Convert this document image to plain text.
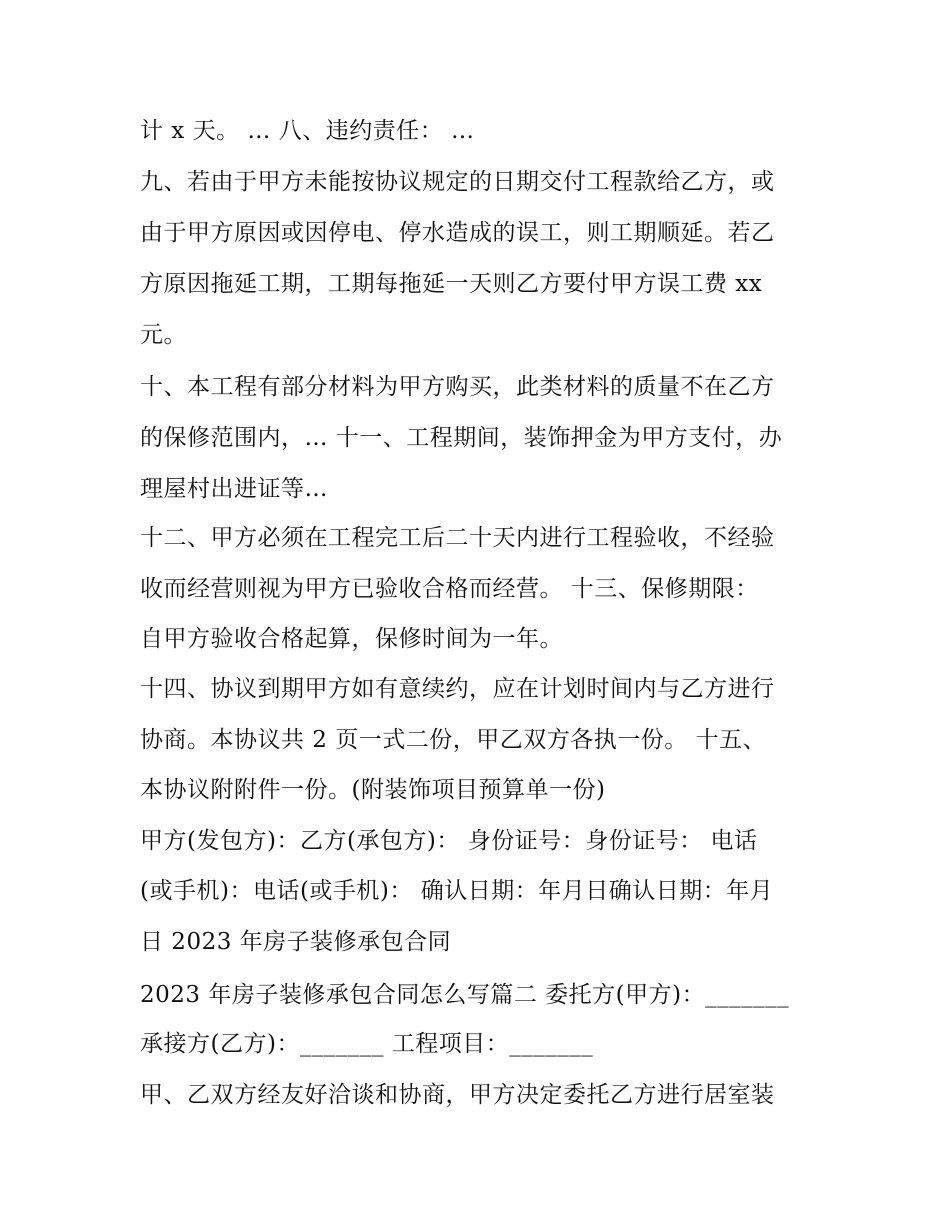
计 x 天。 … 八、违约责任： …
九、若由于甲方未能按协议规定的日期交付工程款给乙方，或
由于甲方原因或因停电、停水造成的误工，则工期顺延。若乙
方原因拖延工期，工期每拖延一天则乙方要付甲方误工费 xx
元。
十、本工程有部分材料为甲方购买，此类材料的质量不在乙方
的保修范围内，… 十一、工程期间，装饰押金为甲方支付，办
理屋村出进证等…
十二、甲方必须在工程完工后二十天内进行工程验收，不经验
收而经营则视为甲方已验收合格而经营。 十三、保修期限：
自甲方验收合格起算，保修时间为一年。
十四、协议到期甲方如有意续约，应在计划时间内与乙方进行
协商。本协议共 2 页一式二份，甲乙双方各执一份。 十五、
本协议附附件一份。(附装饰项目预算单一份)
甲方(发包方)：乙方(承包方)： 身份证号：身份证号： 电话
(或手机)：电话(或手机)： 确认日期：年月日确认日期：年月
日 2023 年房子装修承包合同
2023 年房子装修承包合同怎么写篇二 委托方(甲方)：_______
承接方(乙方)：_______ 工程项目：_______
甲、乙双方经友好洽谈和协商，甲方决定委托乙方进行居室装
